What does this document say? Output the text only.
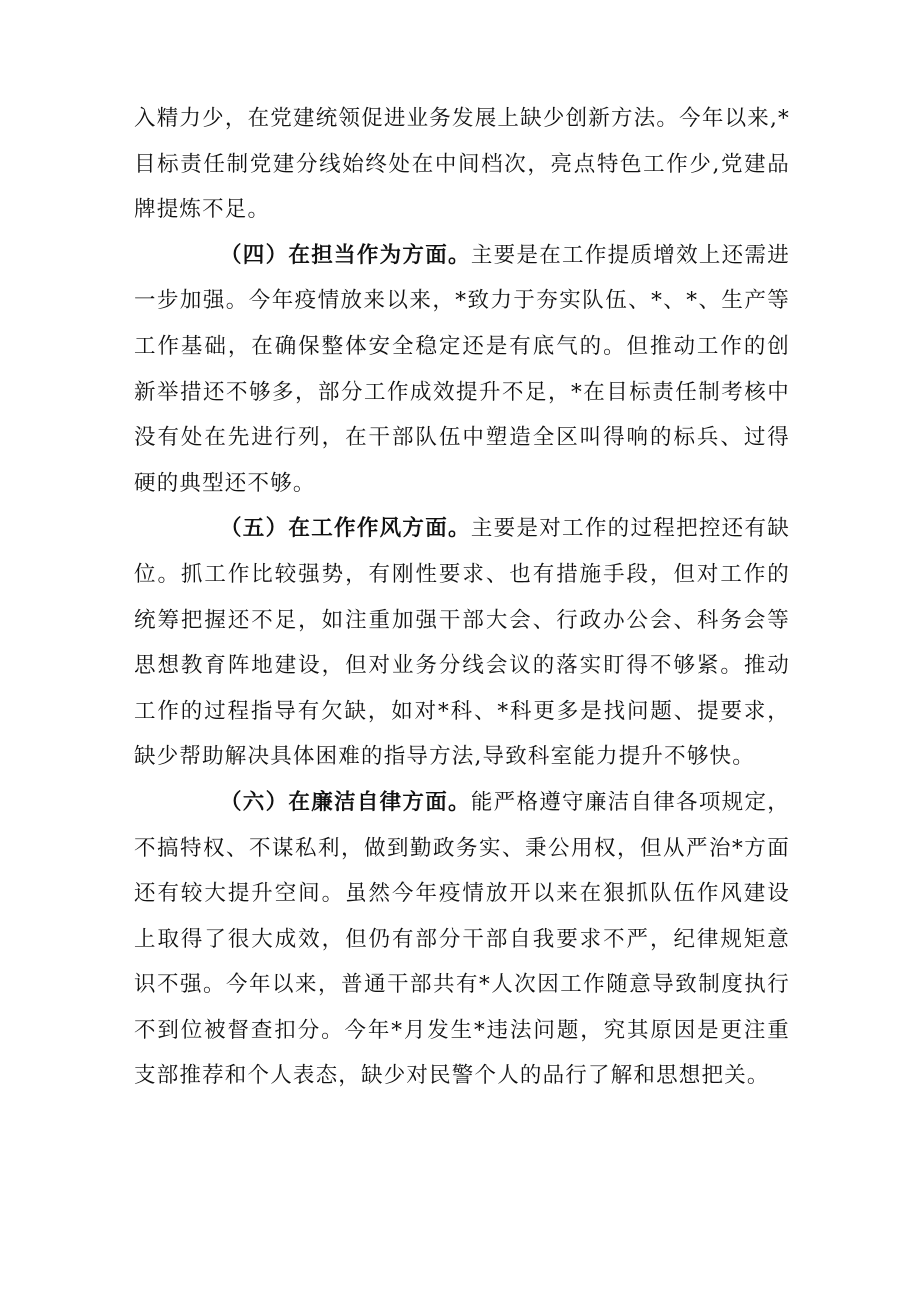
入精力少，在党建统领促进业务发展上缺少创新方法。今年以来,*目标责任制党建分线始终处在中间档次，亮点特色工作少,党建品牌提炼不足。

（四）在担当作为方面。主要是在工作提质增效上还需进一步加强。今年疫情放来以来，*致力于夯实队伍、*、*、生产等工作基础，在确保整体安全稳定还是有底气的。但推动工作的创新举措还不够多，部分工作成效提升不足，*在目标责任制考核中没有处在先进行列，在干部队伍中塑造全区叫得响的标兵、过得硬的典型还不够。

（五）在工作作风方面。主要是对工作的过程把控还有缺位。抓工作比较强势，有刚性要求、也有措施手段，但对工作的统筹把握还不足，如注重加强干部大会、行政办公会、科务会等思想教育阵地建设，但对业务分线会议的落实盯得不够紧。推动工作的过程指导有欠缺，如对*科、*科更多是找问题、提要求，缺少帮助解决具体困难的指导方法,导致科室能力提升不够快。

（六）在廉洁自律方面。能严格遵守廉洁自律各项规定，不搞特权、不谋私利，做到勤政务实、秉公用权，但从严治*方面还有较大提升空间。虽然今年疫情放开以来在狠抓队伍作风建设上取得了很大成效，但仍有部分干部自我要求不严，纪律规矩意识不强。今年以来，普通干部共有*人次因工作随意导致制度执行不到位被督查扣分。今年*月发生*违法问题，究其原因是更注重支部推荐和个人表态，缺少对民警个人的品行了解和思想把关。
